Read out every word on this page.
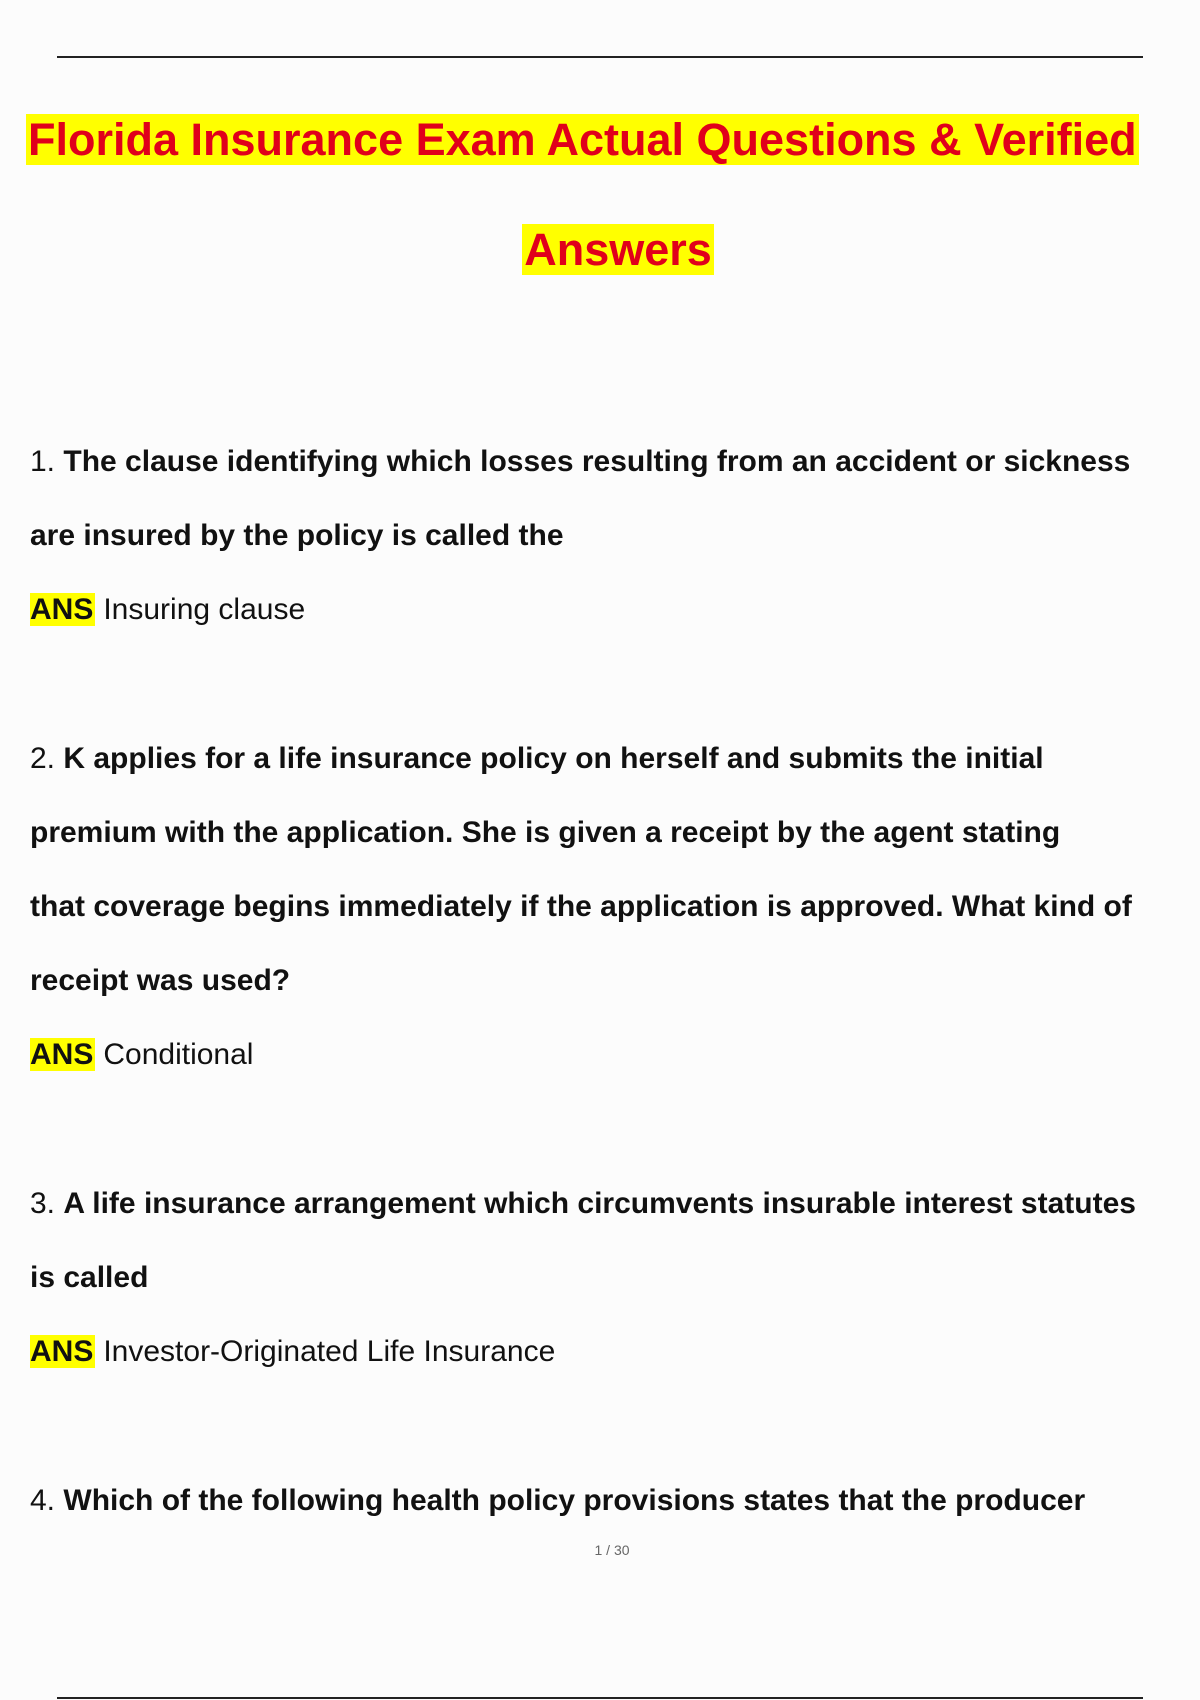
Florida Insurance Exam Actual Questions & Verified
Answers
1. The clause identifying which losses resulting from an accident or sickness
are insured by the policy is called the
ANS Insuring clause
2. K applies for a life insurance policy on herself and submits the initial
premium with the application. She is given a receipt by the agent stating
that coverage begins immediately if the application is approved. What kind of
receipt was used?
ANS Conditional
3. A life insurance arrangement which circumvents insurable interest statutes
is called
ANS Investor-Originated Life Insurance
4. Which of the following health policy provisions states that the producer
1 / 30
